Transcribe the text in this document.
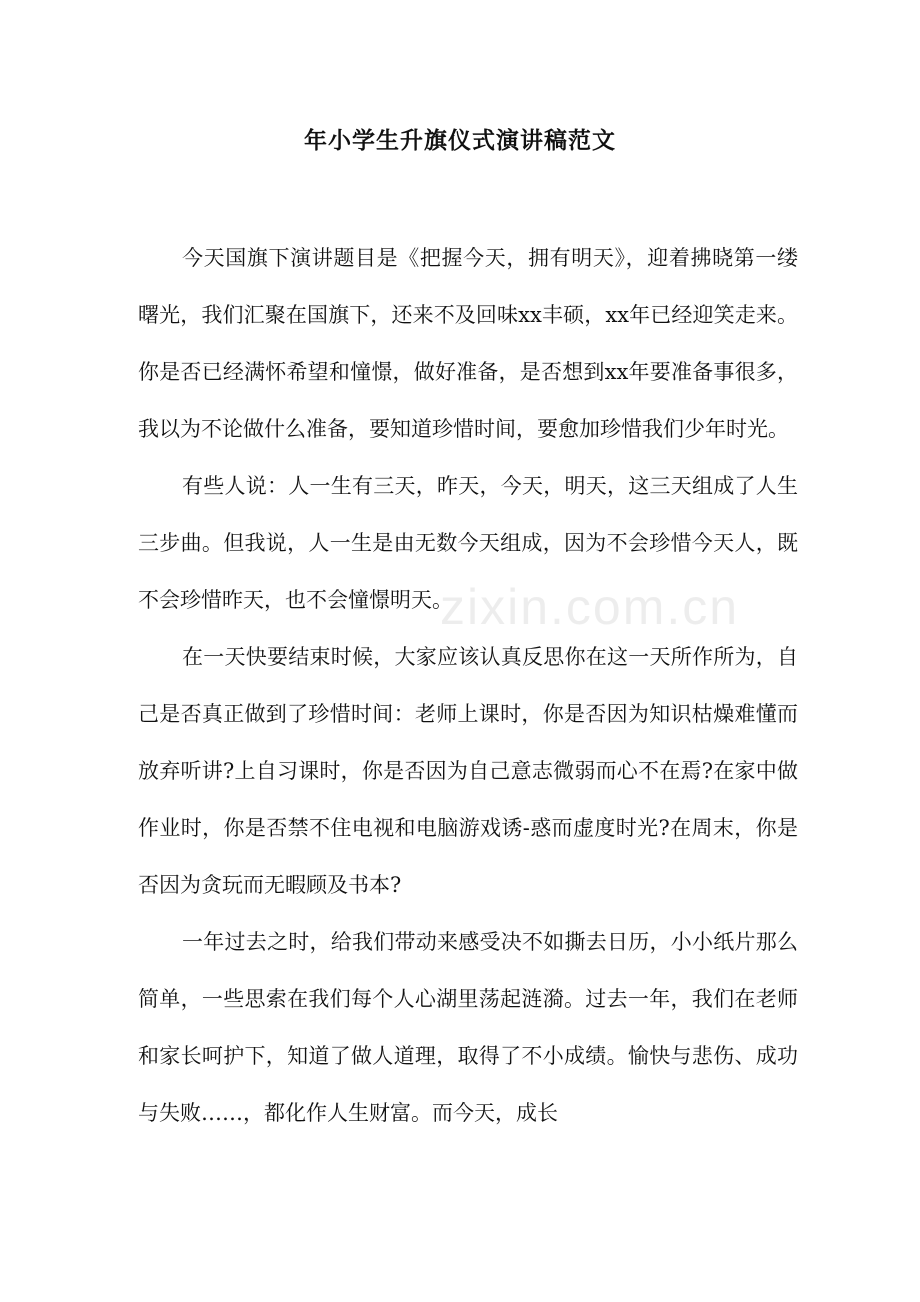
年小学生升旗仪式演讲稿范文

今天国旗下演讲题目是《把握今天，拥有明天》，迎着拂晓第一缕曙光，我们汇聚在国旗下，还来不及回味xx丰硕，xx年已经迎笑走来。你是否已经满怀希望和憧憬，做好准备，是否想到xx年要准备事很多，我以为不论做什么准备，要知道珍惜时间，要愈加珍惜我们少年时光。

有些人说：人一生有三天，昨天，今天，明天，这三天组成了人生三步曲。但我说，人一生是由无数今天组成，因为不会珍惜今天人，既不会珍惜昨天，也不会憧憬明天。

在一天快要结束时候，大家应该认真反思你在这一天所作所为，自己是否真正做到了珍惜时间：老师上课时，你是否因为知识枯燥难懂而放弃听讲?上自习课时，你是否因为自己意志微弱而心不在焉?在家中做作业时，你是否禁不住电视和电脑游戏诱-惑而虚度时光?在周末，你是否因为贪玩而无暇顾及书本?

一年过去之时，给我们带动来感受决不如撕去日历，小小纸片那么简单，一些思索在我们每个人心湖里荡起涟漪。过去一年，我们在老师和家长呵护下，知道了做人道理，取得了不小成绩。愉快与悲伤、成功与失败……，都化作人生财富。而今天，成长

zixin.com.cn
